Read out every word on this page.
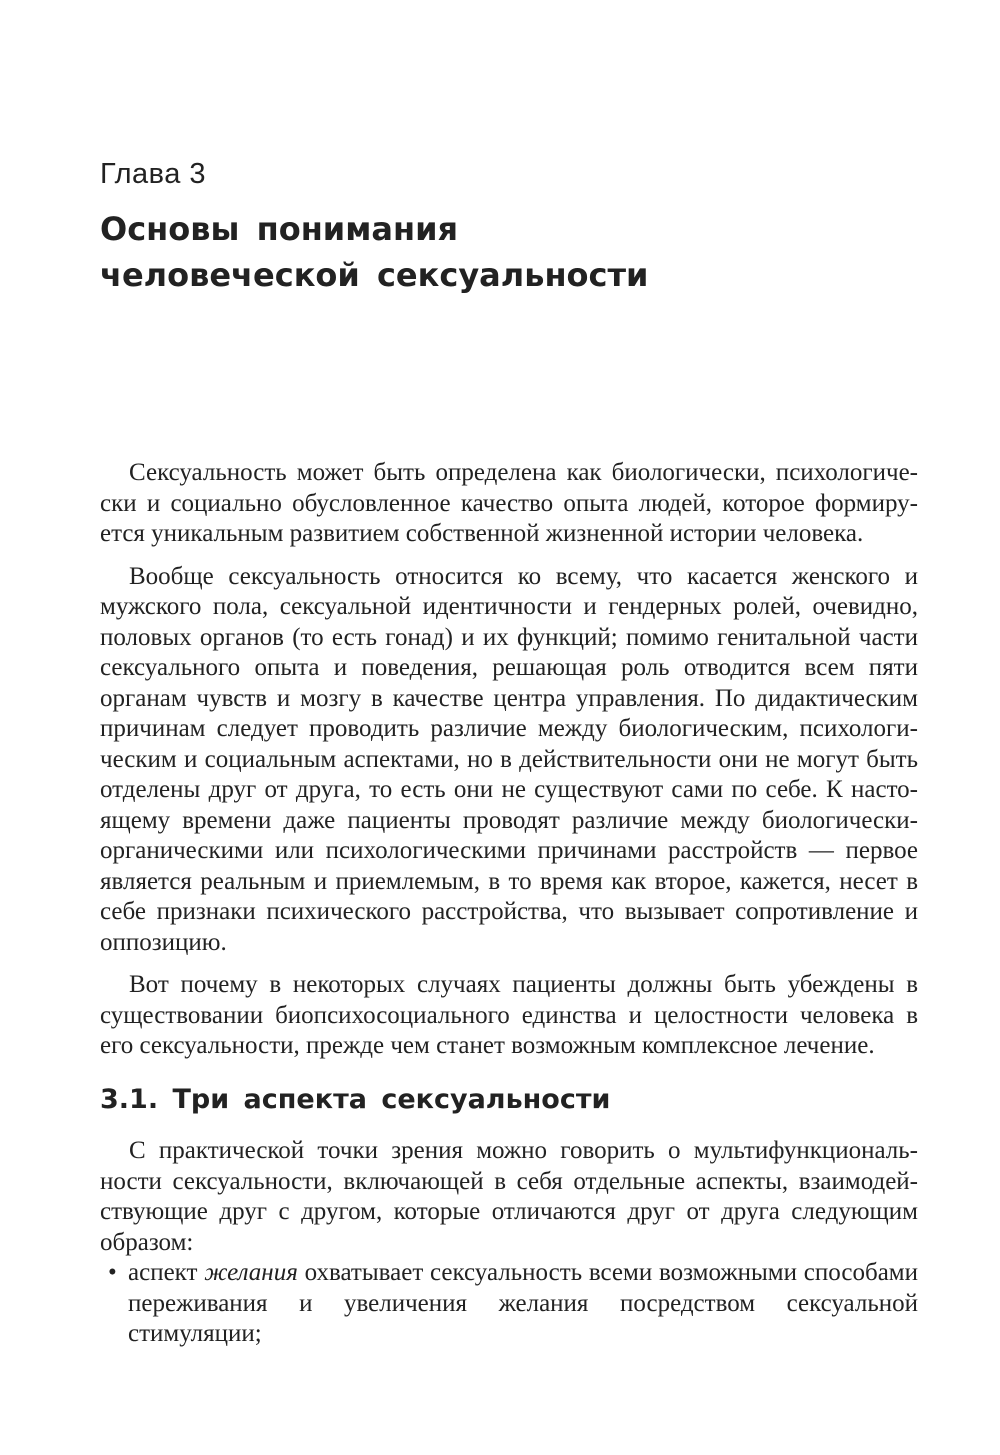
Глава 3
Основы понимания
человеческой сексуальности

Сексуальность может быть определена как биологически, психологически и социально обусловленное качество опыта людей, которое формируется уникальным развитием собственной жизненной истории человека.

Вообще сексуальность относится ко всему, что касается женского и мужского пола, сексуальной идентичности и гендерных ролей, очевидно, половых органов (то есть гонад) и их функций; помимо генитальной части сексуального опыта и поведения, решающая роль отводится всем пяти органам чувств и мозгу в качестве центра управления. По дидактическим причинам следует проводить различие между биологическим, психологическим и социальным аспектами, но в действительности они не могут быть отделены друг от друга, то есть они не существуют сами по себе. К настоящему времени даже пациенты проводят различие между биологически-органическими или психологическими причинами расстройств — первое является реальным и приемлемым, в то время как второе, кажется, несет в себе признаки психического расстройства, что вызывает сопротивление и оппозицию.

Вот почему в некоторых случаях пациенты должны быть убеждены в существовании биопсихосоциального единства и целостности человека в его сексуальности, прежде чем станет возможным комплексное лечение.

3.1. Три аспекта сексуальности

С практической точки зрения можно говорить о мультифункциональности сексуальности, включающей в себя отдельные аспекты, взаимодействующие друг с другом, которые отличаются друг от друга следующим образом:

• аспект желания охватывает сексуальность всеми возможными способами переживания и увеличения желания посредством сексуальной стимуляции;
